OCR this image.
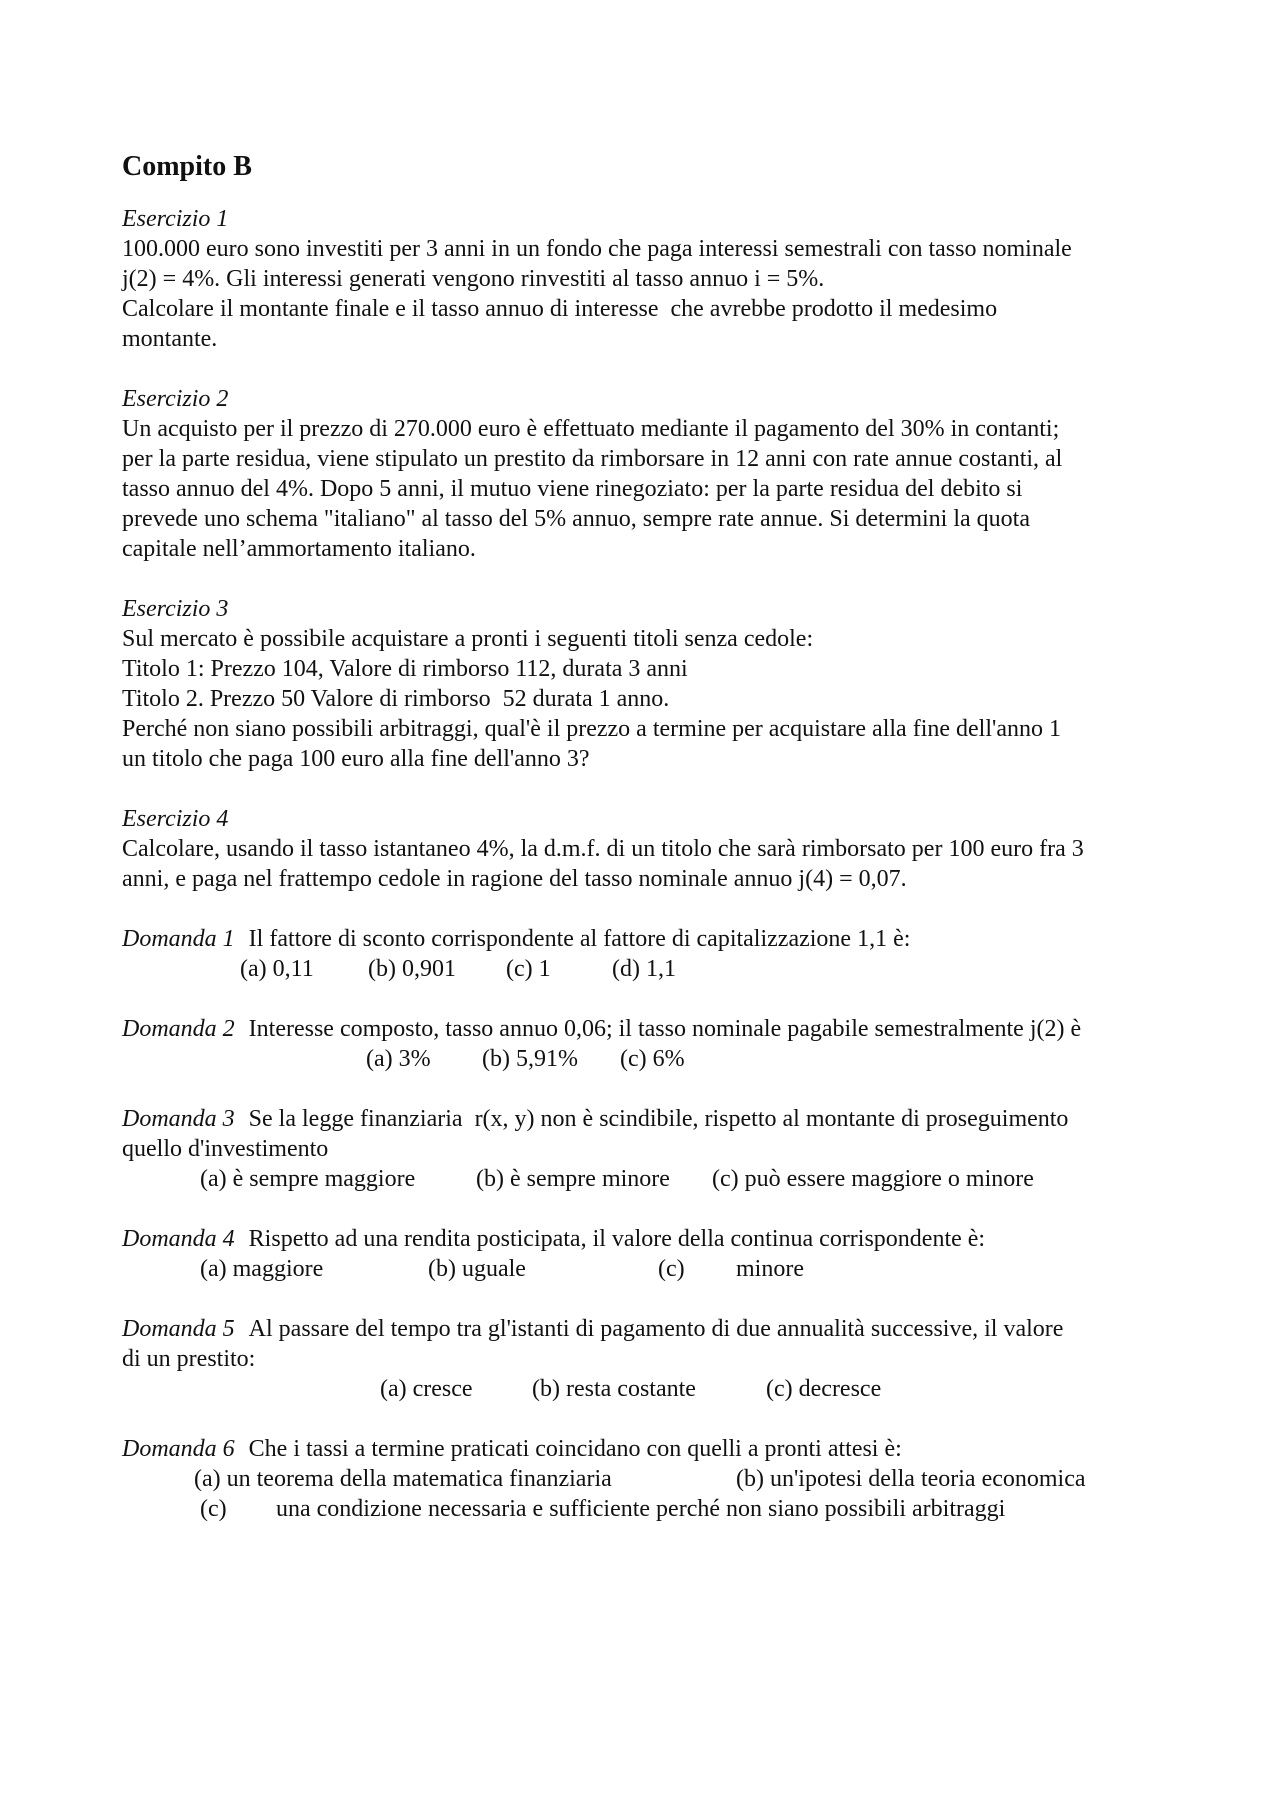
Compito B
Esercizio 1
100.000 euro sono investiti per 3 anni in un fondo che paga interessi semestrali con tasso nominale
j(2) = 4%. Gli interessi generati vengono rinvestiti al tasso annuo i = 5%.
Calcolare il montante finale e il tasso annuo di interesse  che avrebbe prodotto il medesimo
montante.
Esercizio 2
Un acquisto per il prezzo di 270.000 euro è effettuato mediante il pagamento del 30% in contanti;
per la parte residua, viene stipulato un prestito da rimborsare in 12 anni con rate annue costanti, al
tasso annuo del 4%. Dopo 5 anni, il mutuo viene rinegoziato: per la parte residua del debito si
prevede uno schema "italiano" al tasso del 5% annuo, sempre rate annue. Si determini la quota
capitale nell’ammortamento italiano.
Esercizio 3
Sul mercato è possibile acquistare a pronti i seguenti titoli senza cedole:
Titolo 1: Prezzo 104, Valore di rimborso 112, durata 3 anni
Titolo 2. Prezzo 50 Valore di rimborso  52 durata 1 anno.
Perché non siano possibili arbitraggi, qual'è il prezzo a termine per acquistare alla fine dell'anno 1
un titolo che paga 100 euro alla fine dell'anno 3?
Esercizio 4
Calcolare, usando il tasso istantaneo 4%, la d.m.f. di un titolo che sarà rimborsato per 100 euro fra 3
anni, e paga nel frattempo cedole in ragione del tasso nominale annuo j(4) = 0,07.
Domanda 1 Il fattore di sconto corrispondente al fattore di capitalizzazione 1,1 è:
(a) 0,11	(b) 0,901	(c) 1	(d) 1,1
Domanda 2 Interesse composto, tasso annuo 0,06; il tasso nominale pagabile semestralmente j(2) è
(a) 3%	(b) 5,91%	(c) 6%
Domanda 3 Se la legge finanziaria  r(x, y) non è scindibile, rispetto al montante di proseguimento
quello d'investimento
(a) è sempre maggiore	(b) è sempre minore	(c) può essere maggiore o minore
Domanda 4 Rispetto ad una rendita posticipata, il valore della continua corrispondente è:
(a) maggiore	(b) uguale	(c)	minore
Domanda 5 Al passare del tempo tra gl'istanti di pagamento di due annualità successive, il valore
di un prestito:
(a) cresce	(b) resta costante	(c) decresce
Domanda 6 Che i tassi a termine praticati coincidano con quelli a pronti attesi è:
(a) un teorema della matematica finanziaria	(b) un'ipotesi della teoria economica
(c)	una condizione necessaria e sufficiente perché non siano possibili arbitraggi
